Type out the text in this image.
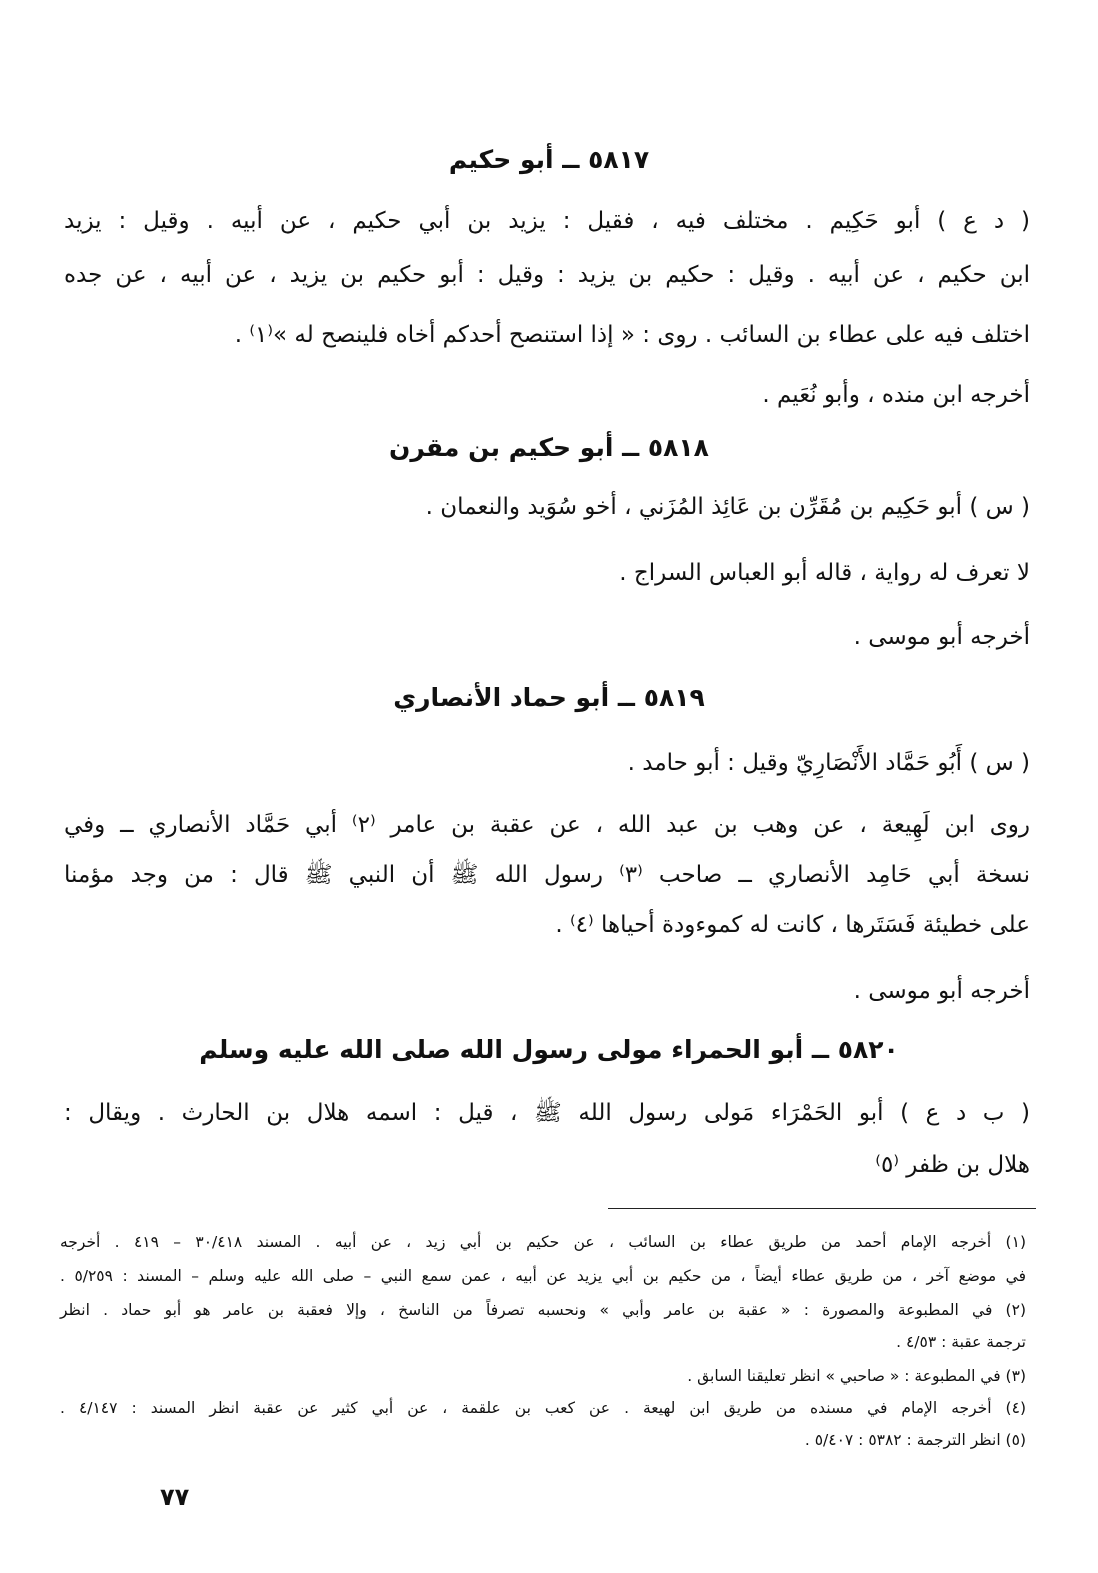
٥٨١٧ ــ أبو حكيم
( د ع ) أبو حَكِيم . مختلف فيه ، فقيل : يزيد بن أبي حكيم ، عن أبيه . وقيل : يزيد
ابن حكيم ، عن أبيه . وقيل : حكيم بن يزيد : وقيل : أبو حكيم بن يزيد ، عن أبيه ، عن جده
اختلف فيه على عطاء بن السائب . روى : « إذا استنصح أحدكم أخاه فلينصح له »⁽١⁾ .
أخرجه ابن منده ، وأبو نُعَيم .
٥٨١٨ ــ أبو حكيم بن مقرن
( س ) أبو حَكِيم بن مُقَرِّن بن عَائِذ المُزَني ، أخو سُوَيد والنعمان .
لا تعرف له رواية ، قاله أبو العباس السراج .
أخرجه أبو موسى .
٥٨١٩ ــ أبو حماد الأنصاري
( س ) أَبُو حَمَّاد الأَنْصَارِيّ وقيل : أبو حامد .
روى ابن لَهِيعة ، عن وهب بن عبد الله ، عن عقبة بن عامر ⁽٢⁾ أبي حَمَّاد الأنصاري ــ وفي
نسخة أبي حَامِد الأنصاري ــ صاحب ⁽٣⁾ رسول الله ﷺ أن النبي ﷺ قال : من وجد مؤمنا
على خطيئة فَسَتَرها ، كانت له كموءودة أحياها ⁽٤⁾ .
أخرجه أبو موسى .
٥٨٢٠ ــ أبو الحمراء مولى رسول الله صلى الله عليه وسلم
( ب د ع ) أبو الحَمْرَاء مَولى رسول الله ﷺ ، قيل : اسمه هلال بن الحارث . ويقال :
هلال بن ظفر ⁽٥⁾
(١) أخرجه الإمام أحمد من طريق عطاء بن السائب ، عن حكيم بن أبي زيد ، عن أبيه . المسند ٣٠/٤١٨ – ٤١٩ . أخرجه
في موضع آخر ، من طريق عطاء أيضاً ، من حكيم بن أبي يزيد عن أبيه ، عمن سمع النبي – صلى الله عليه وسلم – المسند : ٥/٢٥٩ .
(٢) في المطبوعة والمصورة : « عقبة بن عامر وأبي » ونحسبه تصرفاً من الناسخ ، وإلا فعقبة بن عامر هو أبو حماد . انظر
ترجمة عقبة : ٤/٥٣ .
(٣) في المطبوعة : « صاحبي » انظر تعليقنا السابق .
(٤) أخرجه الإمام في مسنده من طريق ابن لهيعة . عن كعب بن علقمة ، عن أبي كثير عن عقبة انظر المسند : ٤/١٤٧ .
(٥) انظر الترجمة : ٥٣٨٢ : ٥/٤٠٧ .
٧٧
